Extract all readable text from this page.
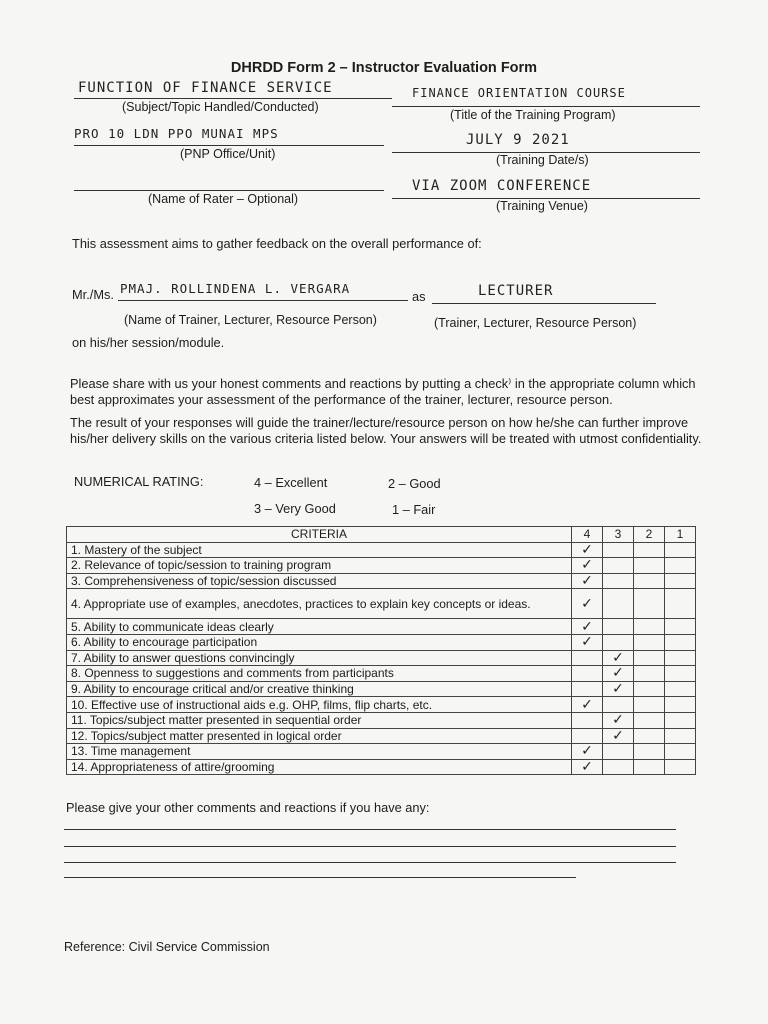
DHRDD Form 2 – Instructor Evaluation Form
FUNCTION OF FINANCE SERVICE
(Subject/Topic Handled/Conducted)
FINANCE ORIENTATION COURSE
(Title of the Training Program)
PRO 10 LDN PPO MUNAI MPS
(PNP Office/Unit)
JULY 9 2021
(Training Date/s)
(Name of Rater – Optional)
VIA ZOOM CONFERENCE
(Training Venue)
This assessment aims to gather feedback on the overall performance of:
Mr./Ms. PMAJ. ROLLINDENA L. VERGARA
as	LECTURER
(Name of Trainer, Lecturer, Resource Person)	(Trainer, Lecturer, Resource Person)
on his/her session/module.
Please share with us your honest comments and reactions by putting a check⁾ in the appropriate column which best approximates your assessment of the performance of the trainer, lecturer, resource person.
The result of your responses will guide the trainer/lecture/resource person on how he/she can further improve his/her delivery skills on the various criteria listed below. Your answers will be treated with utmost confidentiality.
NUMERICAL RATING:	4 – Excellent	2 – Good
3 – Very Good	1 – Fair
CRITERIA	4	3	2	1
1. Mastery of the subject	✓			
2. Relevance of topic/session to training program	✓			
3. Comprehensiveness of topic/session discussed	✓			
4. Appropriate use of examples, anecdotes, practices to explain key concepts or ideas.	✓			
5. Ability to communicate ideas clearly	✓			
6. Ability to encourage participation	✓			
7. Ability to answer questions convincingly		✓		
8. Openness to suggestions and comments from participants		✓		
9. Ability to encourage critical and/or creative thinking		✓		
10. Effective use of instructional aids e.g. OHP, films, flip charts, etc.	✓			
11. Topics/subject matter presented in sequential order		✓		
12. Topics/subject matter presented in logical order		✓		
13. Time management	✓			
14. Appropriateness of attire/grooming	✓			
Please give your other comments and reactions if you have any:
Reference: Civil Service Commission
